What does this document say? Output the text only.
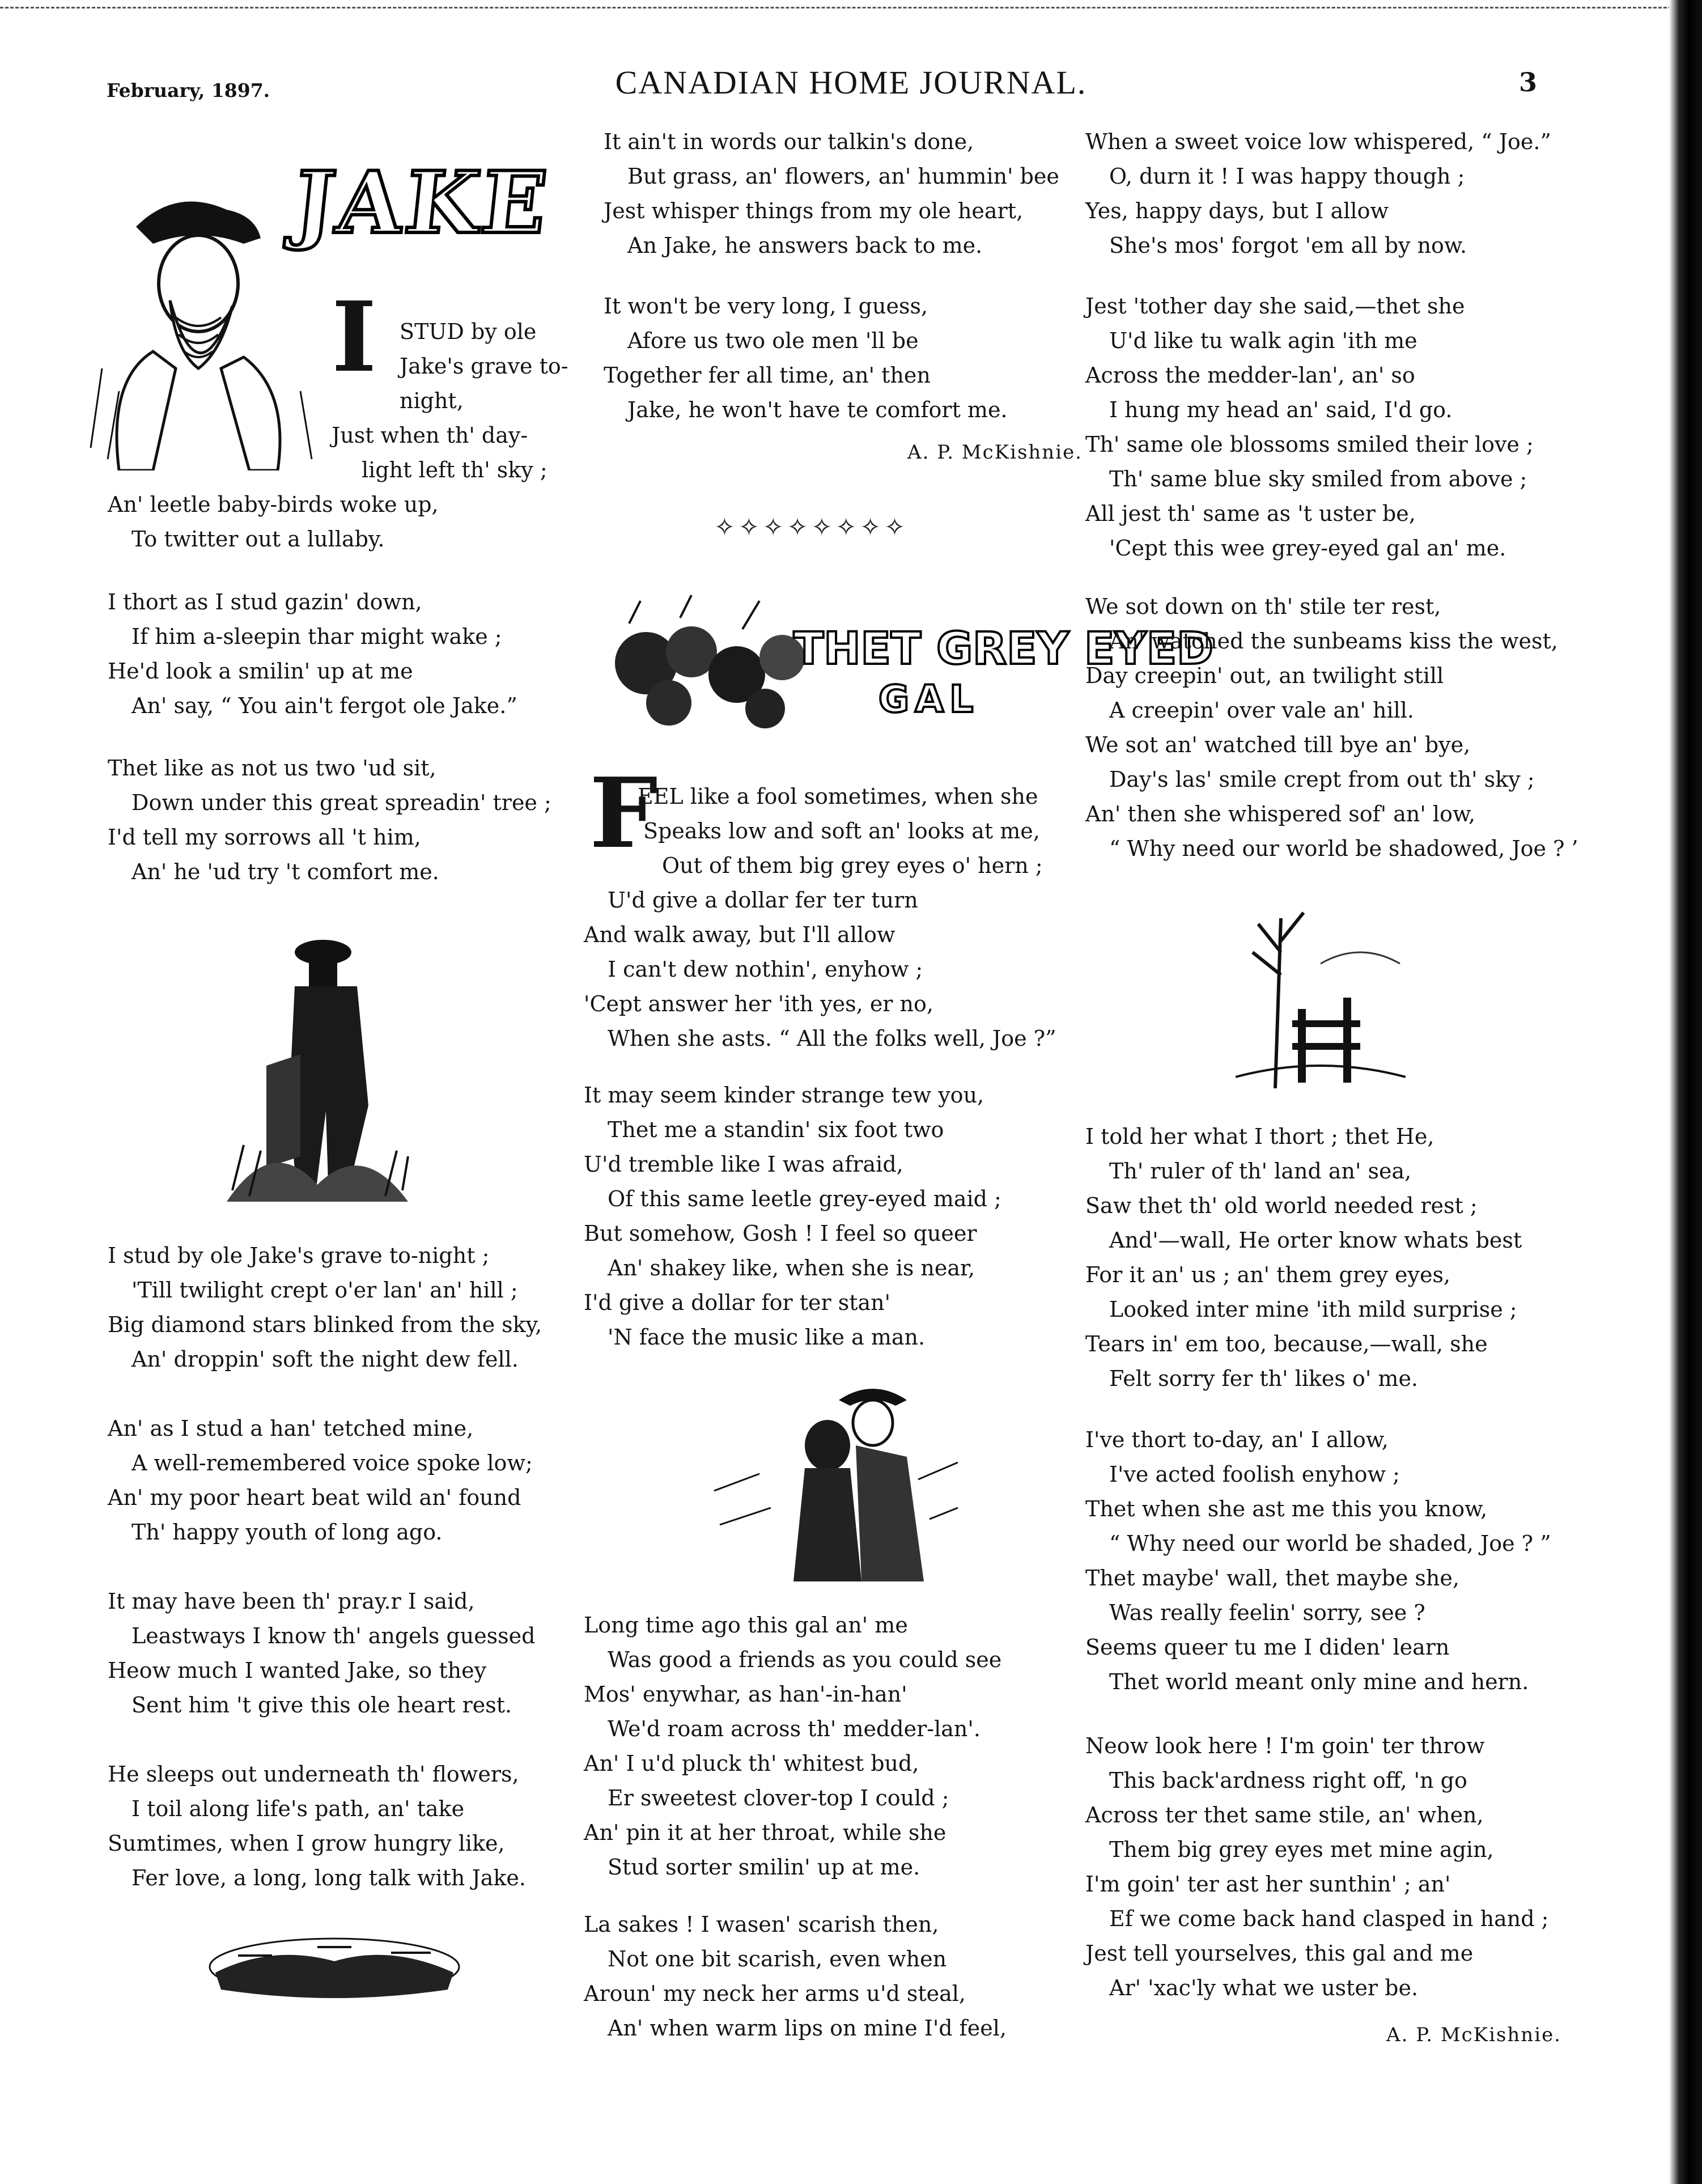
February, 1897.	CANADIAN HOME JOURNAL.	3
JAKE
I STUD by ole

Jake's grave to-

night,

Just when th' day-

light left th' sky ;

An' leetle baby-birds woke up,

To twitter out a lullaby.

I thort as I stud gazin' down,

If him a-sleepin thar might wake ;

He'd look a smilin' up at me

An' say, “ You ain't fergot ole Jake.”

Thet like as not us two 'ud sit,

Down under this great spreadin' tree ;

I'd tell my sorrows all 't him,

An' he 'ud try 't comfort me.

I stud by ole Jake's grave to-night ;

'Till twilight crept o'er lan' an' hill ;

Big diamond stars blinked from the sky,

An' droppin' soft the night dew fell.

An' as I stud a han' tetched mine,

A well-remembered voice spoke low;

An' my poor heart beat wild an' found

Th' happy youth of long ago.

It may have been th' pray.r I said,

Leastways I know th' angels guessed

Heow much I wanted Jake, so they

Sent him 't give this ole heart rest.

He sleeps out underneath th' flowers,

I toil along life's path, an' take

Sumtimes, when I grow hungry like,

Fer love, a long, long talk with Jake.

It ain't in words our talkin's done,

But grass, an' flowers, an' hummin' bee

Jest whisper things from my ole heart,

An Jake, he answers back to me.

It won't be very long, I guess,

Afore us two ole men 'll be

Together fer all time, an' then

Jake, he won't have te comfort me.

A. P. McKishnie.

✧✧✧✧✧✧✧✧
THET GREY EYED
GAL
F

EEL like a fool sometimes, when she

Speaks low and soft an' looks at me,

Out of them big grey eyes o' hern ;

U'd give a dollar fer ter turn

And walk away, but I'll allow

I can't dew nothin', enyhow ;

'Cept answer her 'ith yes, er no,

When she asts. “ All the folks well, Joe ?”

It may seem kinder strange tew you,

Thet me a standin' six foot two

U'd tremble like I was afraid,

Of this same leetle grey-eyed maid ;

But somehow, Gosh ! I feel so queer

An' shakey like, when she is near,

I'd give a dollar for ter stan'

'N face the music like a man.

Long time ago this gal an' me

Was good a friends as you could see

Mos' enywhar, as han'-in-han'

We'd roam across th' medder-lan'.

An' I u'd pluck th' whitest bud,

Er sweetest clover-top I could ;

An' pin it at her throat, while she

Stud sorter smilin' up at me.

La sakes ! I wasen' scarish then,

Not one bit scarish, even when

Aroun' my neck her arms u'd steal,

An' when warm lips on mine I'd feel,

When a sweet voice low whispered, “ Joe.”

O, durn it ! I was happy though ;

Yes, happy days, but I allow

She's mos' forgot 'em all by now.

Jest 'tother day she said,—thet she

U'd like tu walk agin 'ith me

Across the medder-lan', an' so

I hung my head an' said, I'd go.

Th' same ole blossoms smiled their love ;

Th' same blue sky smiled from above ;

All jest th' same as 't uster be,

'Cept this wee grey-eyed gal an' me.

We sot down on th' stile ter rest,

An' watched the sunbeams kiss the west,

Day creepin' out, an twilight still

A creepin' over vale an' hill.

We sot an' watched till bye an' bye,

Day's las' smile crept from out th' sky ;

An' then she whispered sof' an' low,

“ Why need our world be shadowed, Joe ? ’

I told her what I thort ; thet He,

Th' ruler of th' land an' sea,

Saw thet th' old world needed rest ;

And'—wall, He orter know whats best

For it an' us ; an' them grey eyes,

Looked inter mine 'ith mild surprise ;

Tears in' em too, because,—wall, she

Felt sorry fer th' likes o' me.

I've thort to-day, an' I allow,

I've acted foolish enyhow ;

Thet when she ast me this you know,

“ Why need our world be shaded, Joe ? ”

Thet maybe' wall, thet maybe she,

Was really feelin' sorry, see ?

Seems queer tu me I diden' learn

Thet world meant only mine and hern.

Neow look here ! I'm goin' ter throw

This back'ardness right off, 'n go

Across ter thet same stile, an' when,

Them big grey eyes met mine agin,

I'm goin' ter ast her sunthin' ; an'

Ef we come back hand clasped in hand ;

Jest tell yourselves, this gal and me

Ar' 'xac'ly what we uster be.

A. P. McKishnie.
